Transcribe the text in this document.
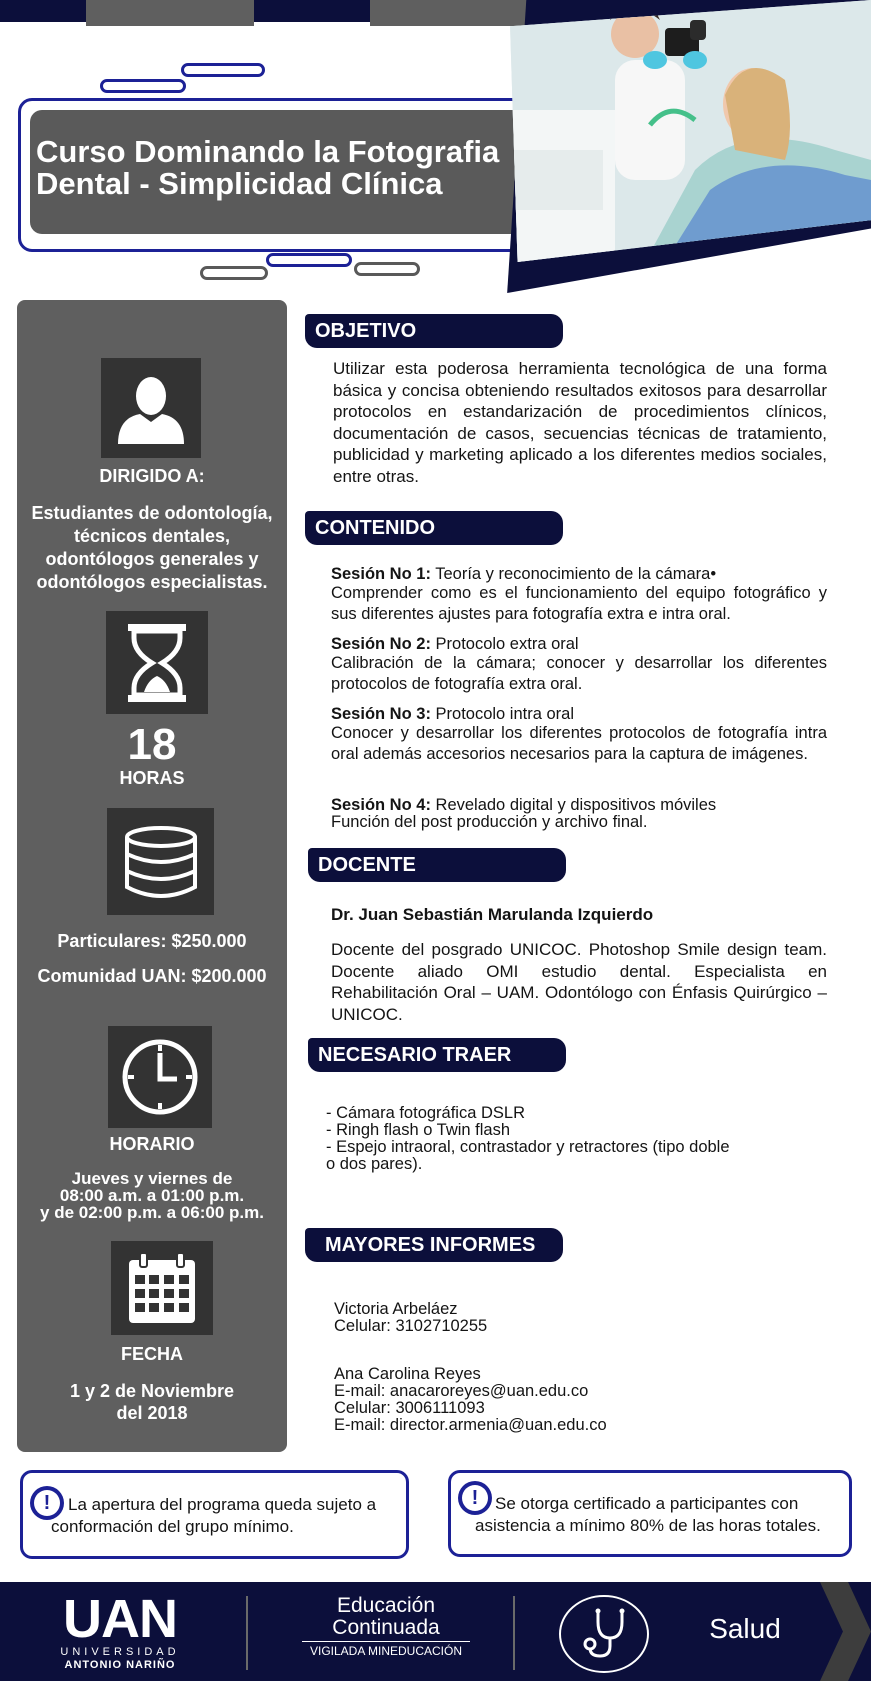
Curso Dominando la Fotografia
Dental - Simplicidad Clínica
DIRIGIDO A:
Estudiantes de odontología,
técnicos dentales,
odontólogos generales y
odontólogos especialistas.
18
HORAS
Particulares: $250.000
Comunidad UAN: $200.000
HORARIO
Jueves y viernes de
08:00 a.m. a 01:00 p.m.
y de 02:00 p.m. a 06:00 p.m.
FECHA
1 y 2 de Noviembre
del 2018
OBJETIVO
Utilizar esta poderosa herramienta tecnológica de una forma básica y concisa obteniendo resultados exitosos para desarrollar protocolos en estandarización de procedimientos clínicos, documentación de casos, secuencias técnicas de tratamiento, publicidad y marketing aplicado a los diferentes medios sociales, entre otras.
CONTENIDO
Sesión No 1: Teoría y reconocimiento de la cámara•
Comprender como es el funcionamiento del equipo fotográfico y sus diferentes ajustes para fotografía extra e intra oral.
Sesión No 2: Protocolo extra oral
Calibración de la cámara; conocer y desarrollar los diferentes protocolos de fotografía extra oral.
Sesión No 3: Protocolo intra oral
Conocer y desarrollar los diferentes protocolos de fotografía intra oral además accesorios necesarios para la captura de imágenes.
Sesión No 4: Revelado digital y dispositivos móviles
Función del post producción y archivo final.
DOCENTE
Dr. Juan Sebastián Marulanda Izquierdo
Docente del posgrado UNICOC. Photoshop Smile design team. Docente aliado OMI estudio dental. Especialista en Rehabilitación Oral – UAM. Odontólogo con Énfasis Quirúrgico – UNICOC.
NECESARIO TRAER
- Cámara fotográfica DSLR
- Ringh flash o Twin flash
- Espejo intraoral, contrastador y retractores (tipo doble
o dos pares).
MAYORES INFORMES
Victoria Arbeláez
Celular: 3102710255
Ana Carolina Reyes
E-mail: anacaroreyes@uan.edu.co
Celular: 3006111093
E-mail: director.armenia@uan.edu.co
!	La apertura del programa queda sujeto a
conformación del grupo mínimo.
! Se otorga certificado a participantes con
asistencia a mínimo 80% de las horas totales.
UAN
UNIVERSIDAD
ANTONIO NARIÑO
Educación
Continuada
VIGILADA MINEDUCACIÓN
Salud
